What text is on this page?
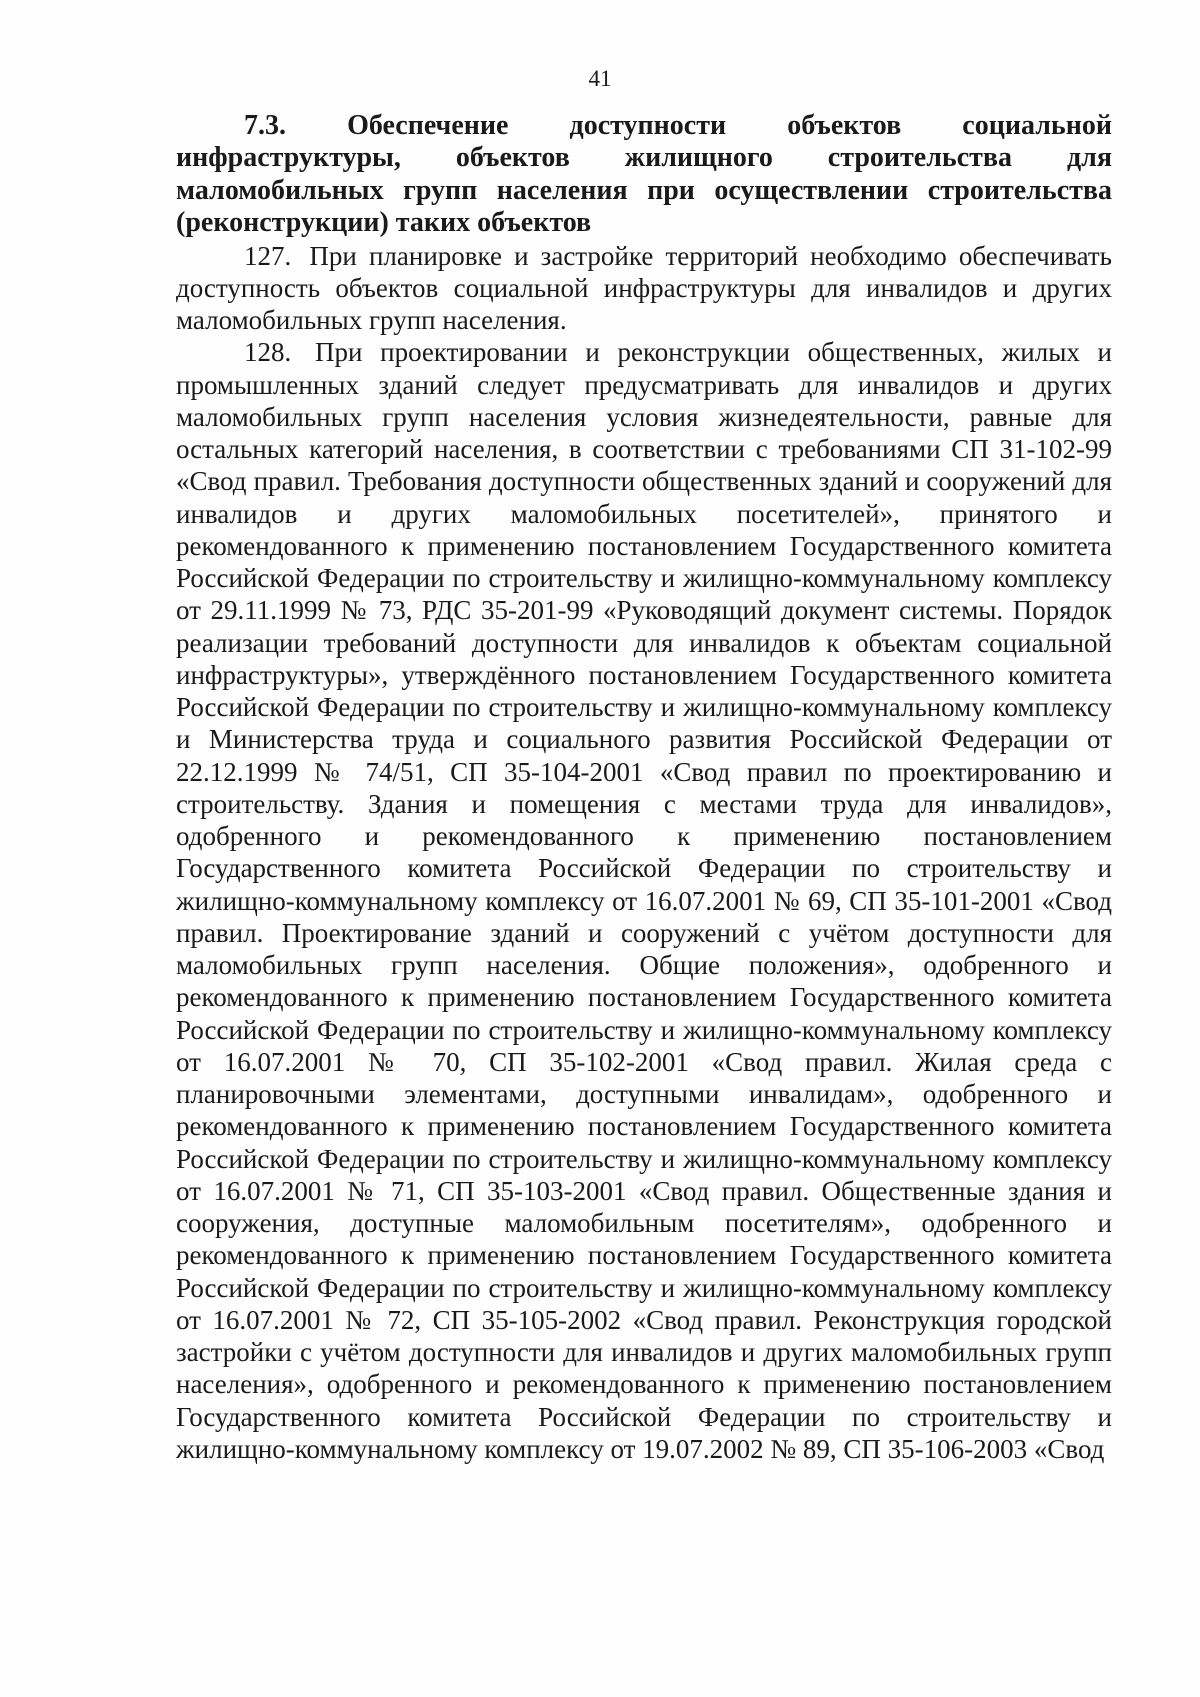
41

7.3. Обеспечение доступности объектов социальной инфраструктуры, объектов жилищного строительства для маломобильных групп населения при осуществлении строительства (реконструкции) таких объектов

127. При планировке и застройке территорий необходимо обеспечивать доступность объектов социальной инфраструктуры для инвалидов и других маломобильных групп населения.

128. При проектировании и реконструкции общественных, жилых и промышленных зданий следует предусматривать для инвалидов и других маломобильных групп населения условия жизнедеятельности, равные для остальных категорий населения, в соответствии с требованиями СП 31-102-99 «Свод правил. Требования доступности общественных зданий и сооружений для инвалидов и других маломобильных посетителей», принятого и рекомендованного к применению постановлением Государственного комитета Российской Федерации по строительству и жилищно-коммунальному комплексу от 29.11.1999 № 73, РДС 35-201-99 «Руководящий документ системы. Порядок реализации требований доступности для инвалидов к объектам социальной инфраструктуры», утверждённого постановлением Государственного комитета Российской Федерации по строительству и жилищно-коммунальному комплексу и Министерства труда и социального развития Российской Федерации от 22.12.1999 № 74/51, СП 35-104-2001 «Свод правил по проектированию и строительству. Здания и помещения с местами труда для инвалидов», одобренного и рекомендованного к применению постановлением Государственного комитета Российской Федерации по строительству и жилищно-коммунальному комплексу от 16.07.2001 № 69, СП 35-101-2001 «Свод правил. Проектирование зданий и сооружений с учётом доступности для маломобильных групп населения. Общие положения», одобренного и рекомендованного к применению постановлением Государственного комитета Российской Федерации по строительству и жилищно-коммунальному комплексу от 16.07.2001 № 70, СП 35-102-2001 «Свод правил. Жилая среда с планировочными элементами, доступными инвалидам», одобренного и рекомендованного к применению постановлением Государственного комитета Российской Федерации по строительству и жилищно-коммунальному комплексу от 16.07.2001 № 71, СП 35-103-2001 «Свод правил. Общественные здания и сооружения, доступные маломобильным посетителям», одобренного и рекомендованного к применению постановлением Государственного комитета Российской Федерации по строительству и жилищно-коммунальному комплексу от 16.07.2001 № 72, СП 35-105-2002 «Свод правил. Реконструкция городской застройки с учётом доступности для инвалидов и других маломобильных групп населения», одобренного и рекомендованного к применению постановлением Государственного комитета Российской Федерации по строительству и жилищно-коммунальному комплексу от 19.07.2002 № 89, СП 35-106-2003 «Свод
